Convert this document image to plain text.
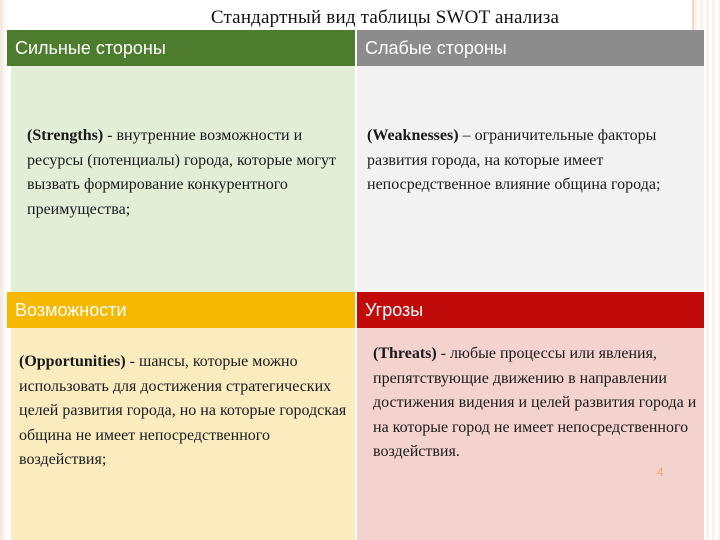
Стандартный вид таблицы SWOT анализа
Сильные стороны	Слабые стороны
(Strengths) - внутренние возможности и ресурсы (потенциалы) города, которые могут вызвать формирование конкурентного преимущества;
(Weaknesses) – ограничительные факторы развития города, на которые имеет непосредственное влияние община города;
Возможности	Угрозы
(Opportunities) - шансы, которые можно использовать для достижения стратегических целей развития города, но на которые городская община не имеет непосредственного воздействия;
(Threats) - любые процессы или явления, препятствующие движению в направлении достижения видения и целей развития города и на которые город не имеет непосредственного воздействия.
4
